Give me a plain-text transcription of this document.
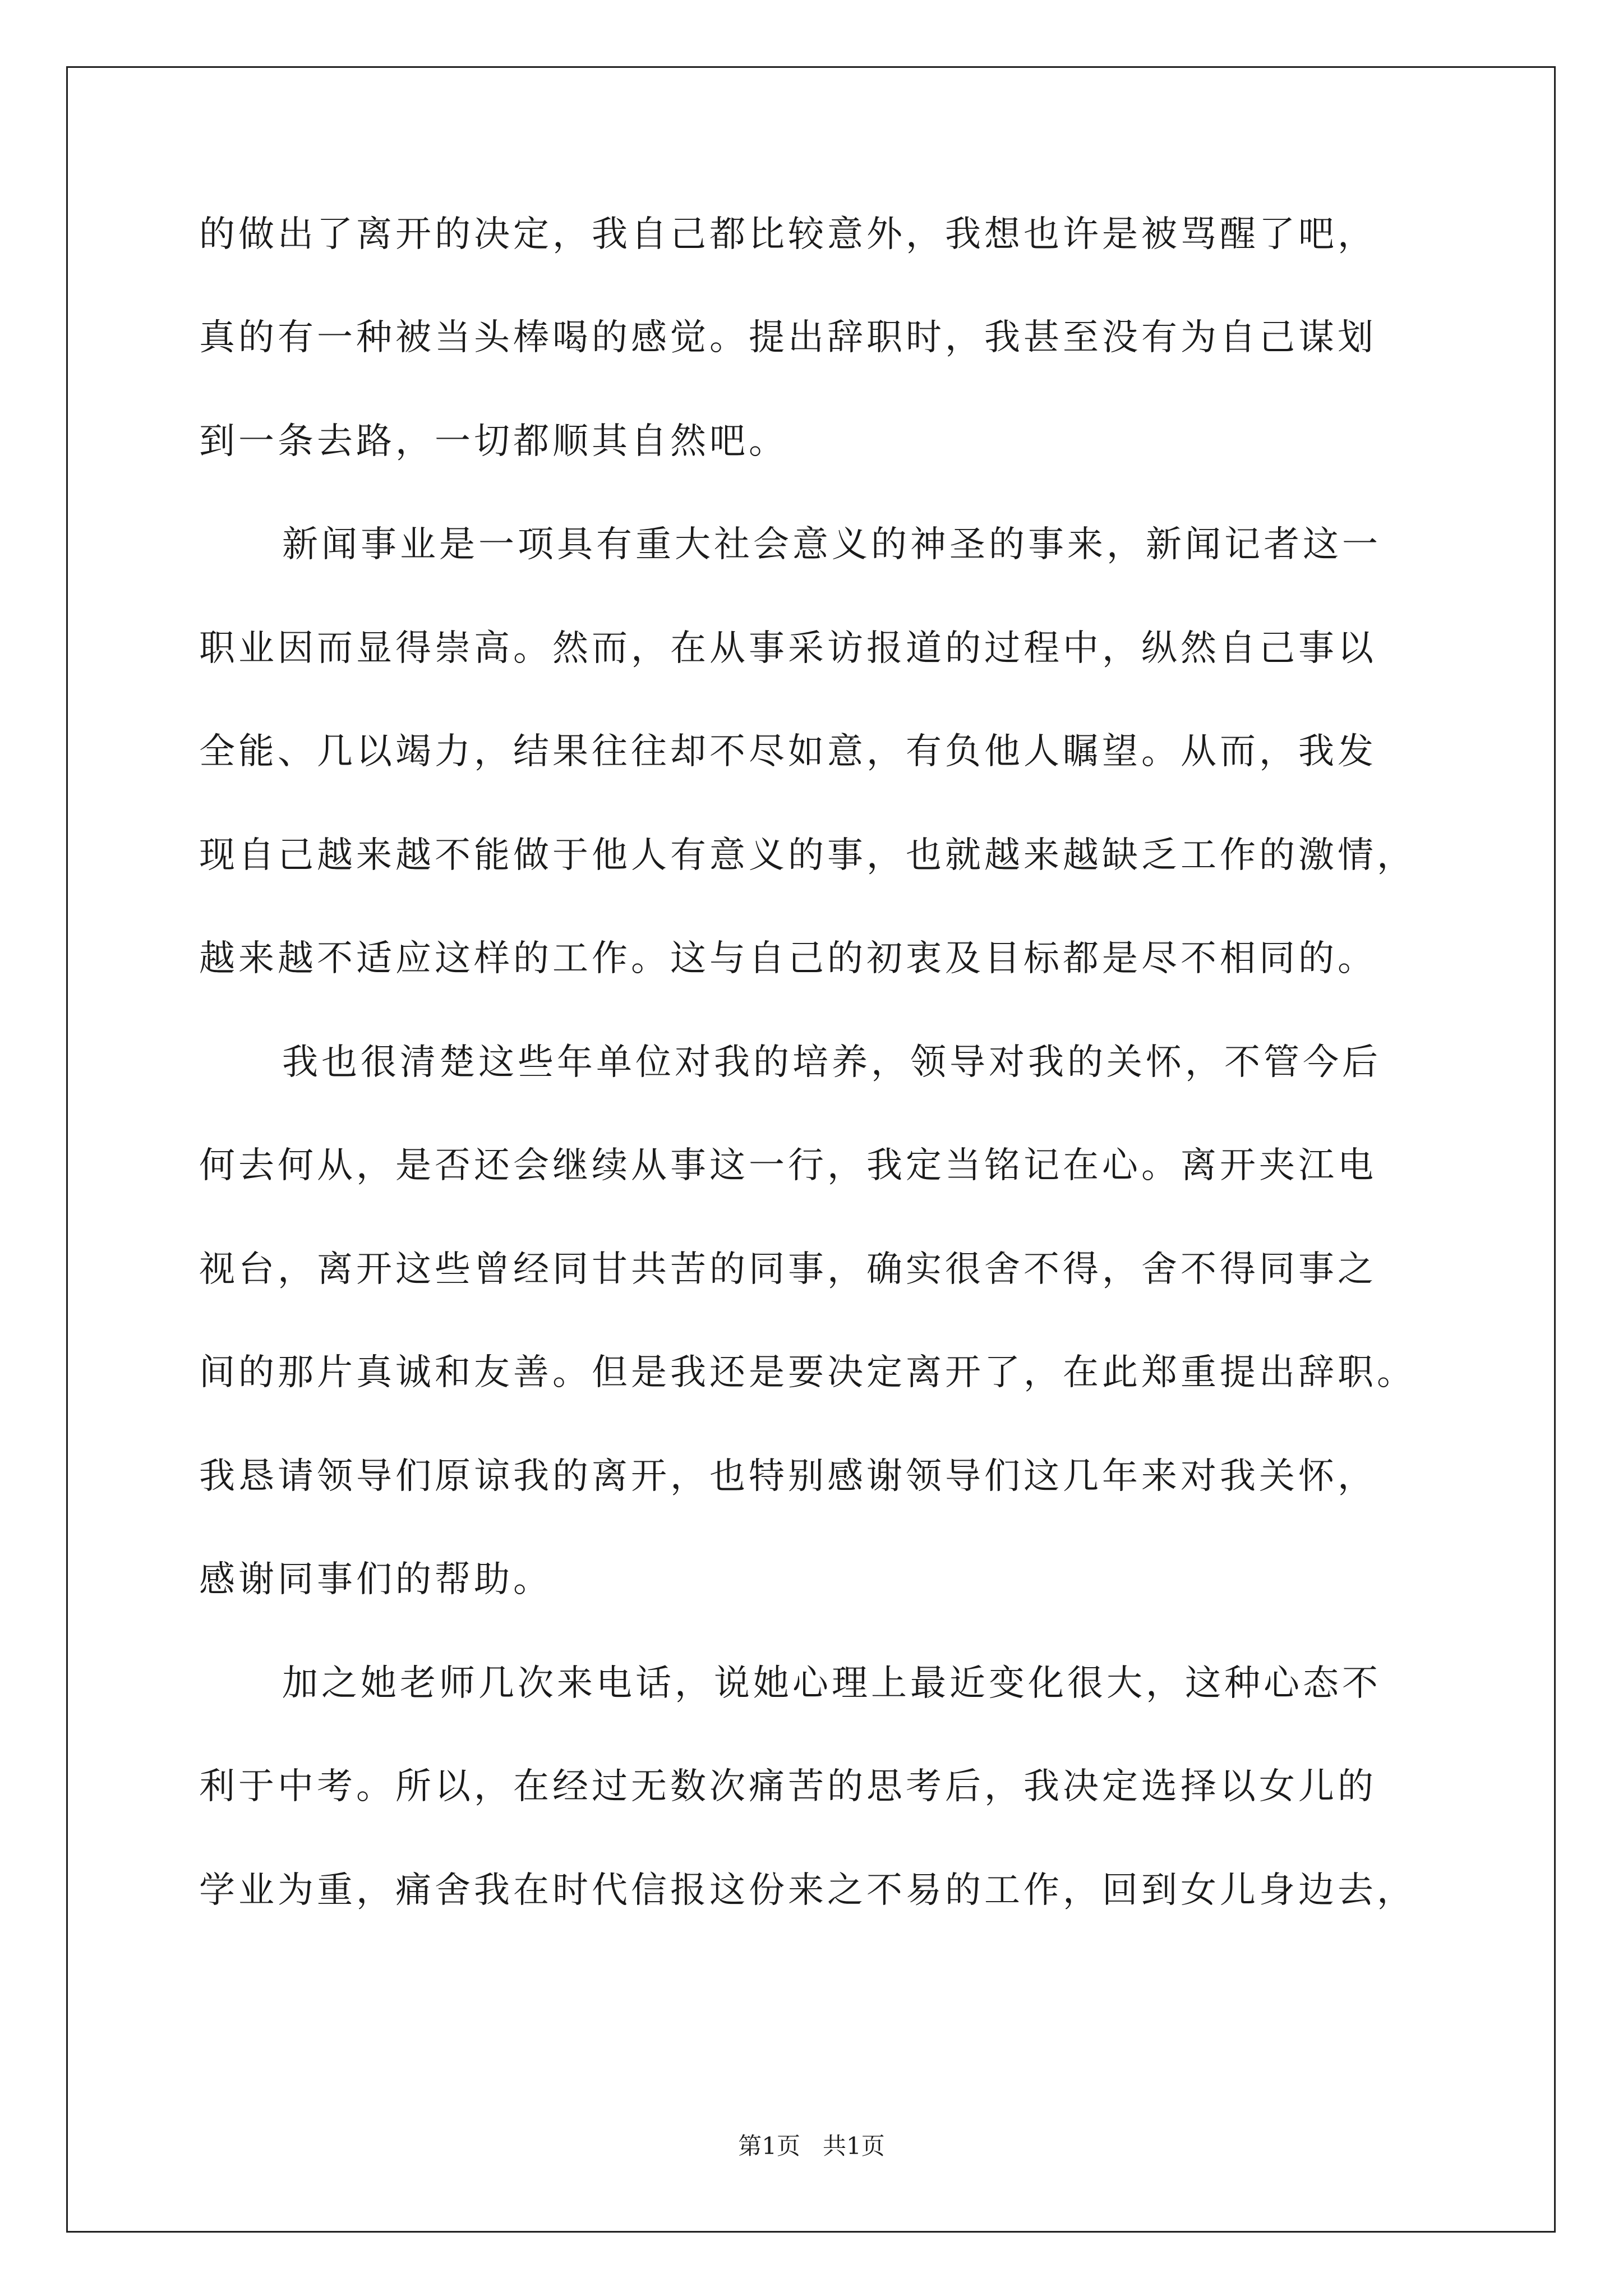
的做出了离开的决定，我自己都比较意外，我想也许是被骂醒了吧，
真的有一种被当头棒喝的感觉。提出辞职时，我甚至没有为自己谋划
到一条去路，一切都顺其自然吧。
新闻事业是一项具有重大社会意义的神圣的事来，新闻记者这一
职业因而显得崇高。然而，在从事采访报道的过程中，纵然自己事以
全能、几以竭力，结果往往却不尽如意，有负他人瞩望。从而，我发
现自己越来越不能做于他人有意义的事，也就越来越缺乏工作的激情，
越来越不适应这样的工作。这与自己的初衷及目标都是尽不相同的。
我也很清楚这些年单位对我的培养，领导对我的关怀，不管今后
何去何从，是否还会继续从事这一行，我定当铭记在心。离开夹江电
视台，离开这些曾经同甘共苦的同事，确实很舍不得，舍不得同事之
间的那片真诚和友善。但是我还是要决定离开了，在此郑重提出辞职。
我恳请领导们原谅我的离开，也特别感谢领导们这几年来对我关怀，
感谢同事们的帮助。
加之她老师几次来电话，说她心理上最近变化很大，这种心态不
利于中考。所以，在经过无数次痛苦的思考后，我决定选择以女儿的
学业为重，痛舍我在时代信报这份来之不易的工作，回到女儿身边去，
第1页   共1页
